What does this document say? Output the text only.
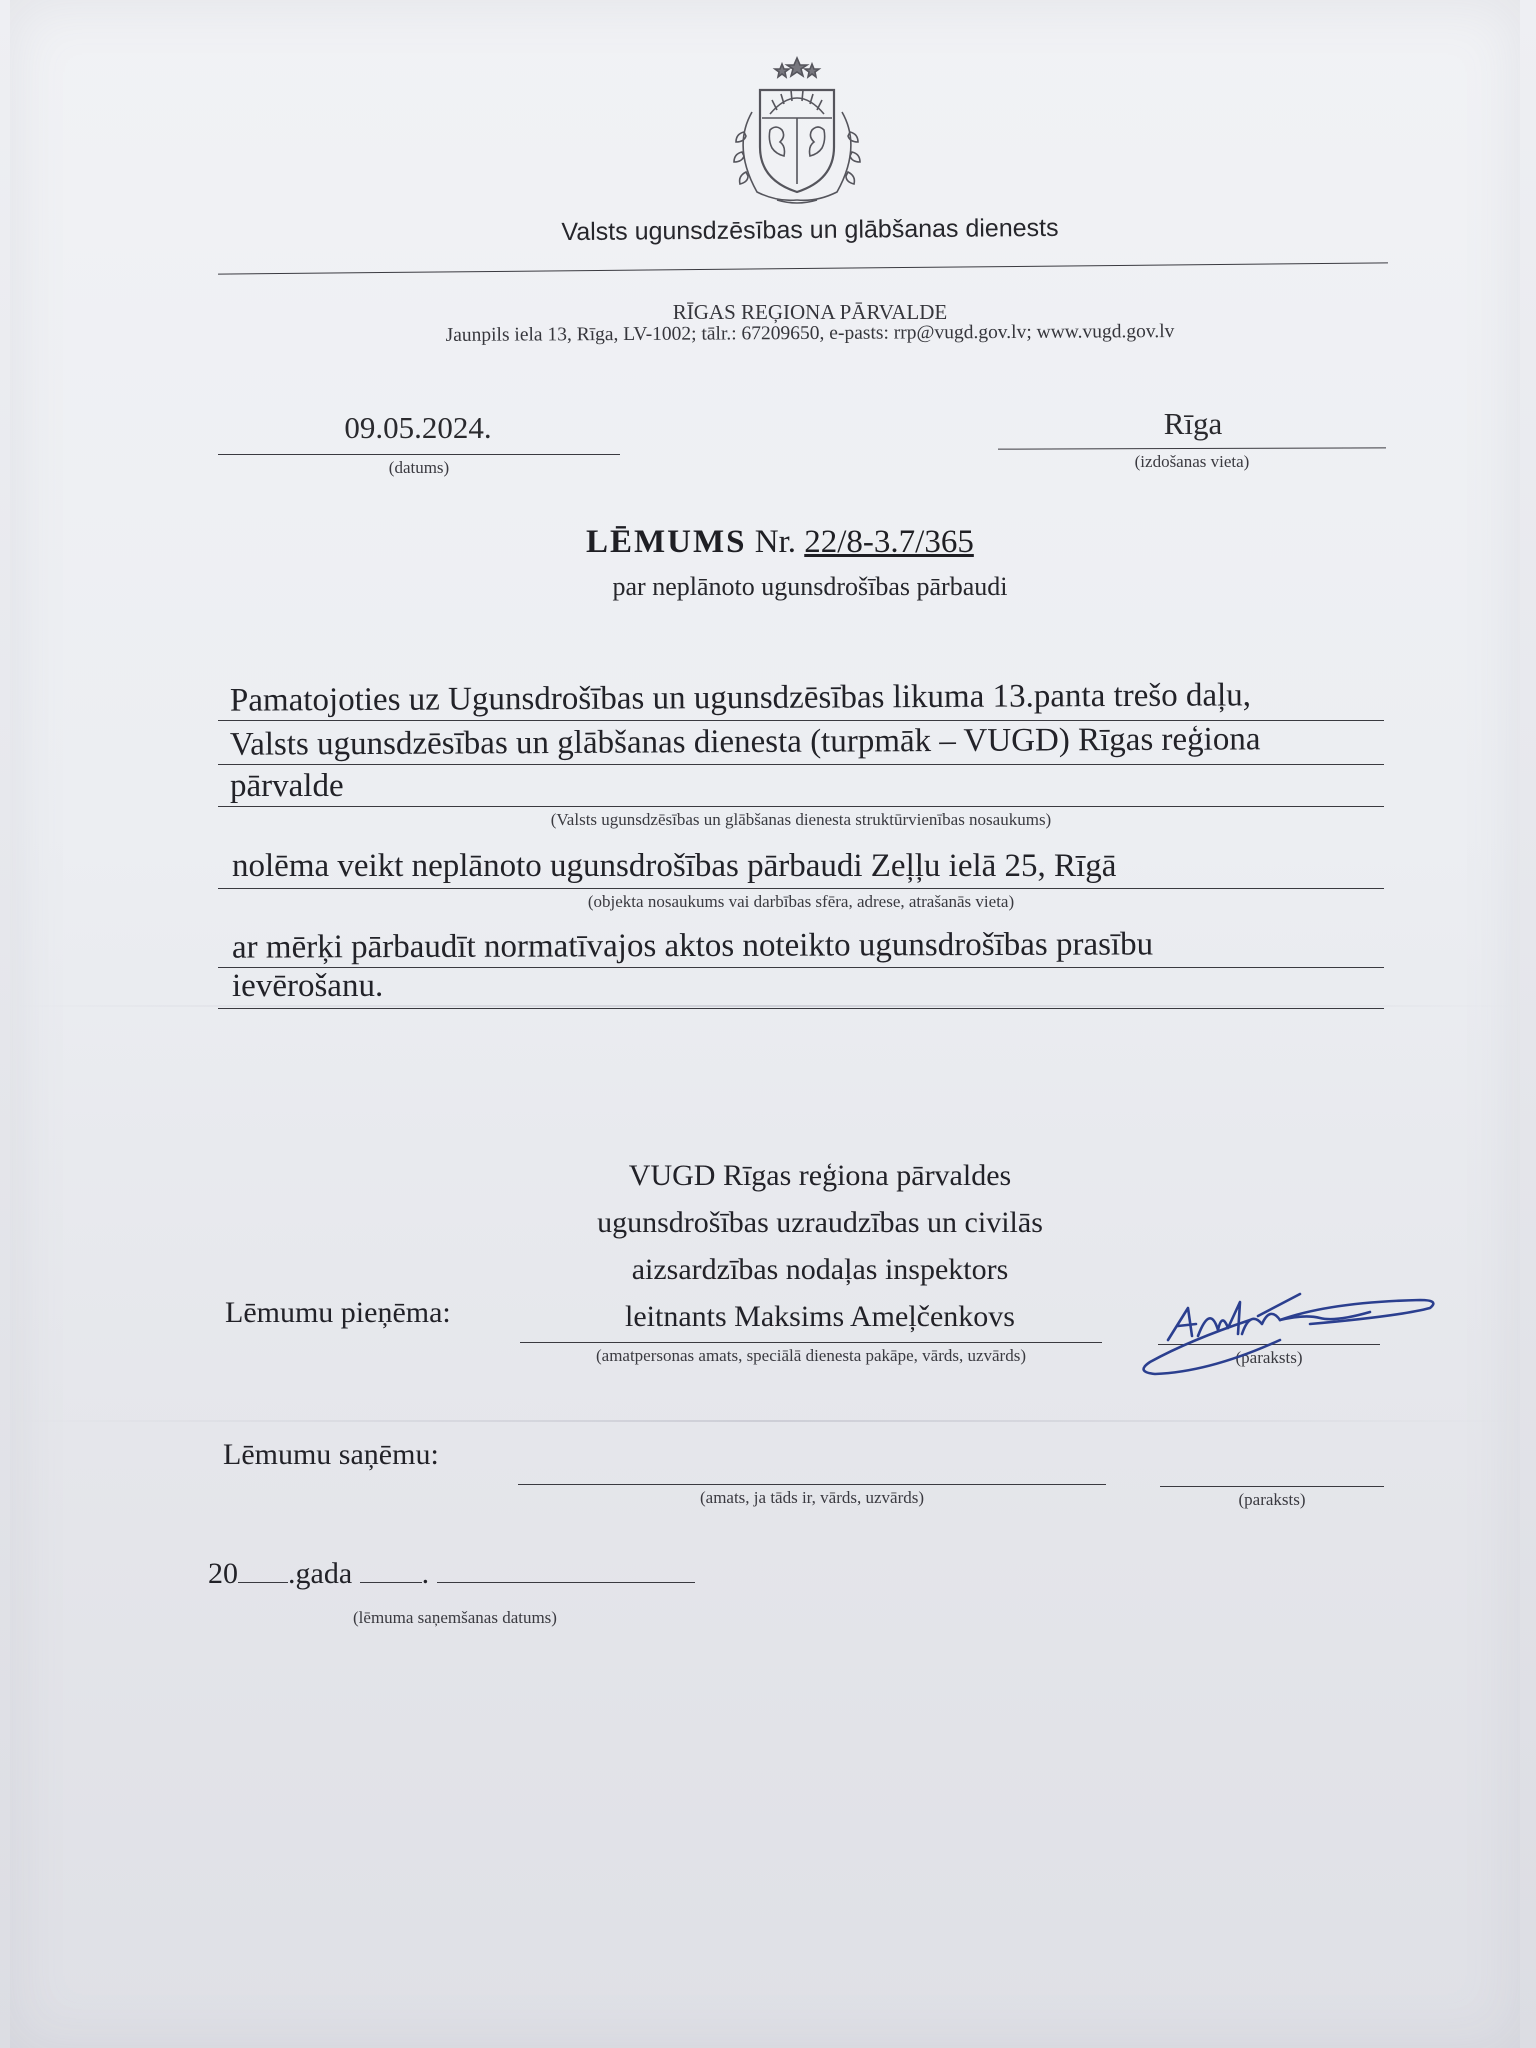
Valsts ugunsdzēsības un glābšanas dienests
RĪGAS REĢIONA PĀRVALDE
Jaunpils iela 13, Rīga, LV-1002; tālr.: 67209650, e-pasts: rrp@vugd.gov.lv; www.vugd.gov.lv
09.05.2024.
(datums)
Rīga
(izdošanas vieta)
LĒMUMS Nr. 22/8-3.7/365
par neplānoto ugunsdrošības pārbaudi
Pamatojoties uz Ugunsdrošības un ugunsdzēsības likuma 13.panta trešo daļu,
Valsts ugunsdzēsības un glābšanas dienesta (turpmāk – VUGD) Rīgas reģiona
pārvalde
(Valsts ugunsdzēsības un glābšanas dienesta struktūrvienības nosaukums)
nolēma veikt neplānoto ugunsdrošības pārbaudi Zeļļu ielā 25, Rīgā
(objekta nosaukums vai darbības sfēra, adrese, atrašanās vieta)
ar mērķi pārbaudīt normatīvajos aktos noteikto ugunsdrošības prasību
ievērošanu.
VUGD Rīgas reģiona pārvaldes
ugunsdrošības uzraudzības un civilās
aizsardzības nodaļas inspektors
leitnants Maksims Ameļčenkovs
Lēmumu pieņēma:
(amatpersonas amats, speciālā dienesta pakāpe, vārds, uzvārds)	(paraksts)
Lēmumu saņēmu:
(amats, ja tāds ir, vārds, uzvārds)	(paraksts)
20 .gada .
(lēmuma saņemšanas datums)
